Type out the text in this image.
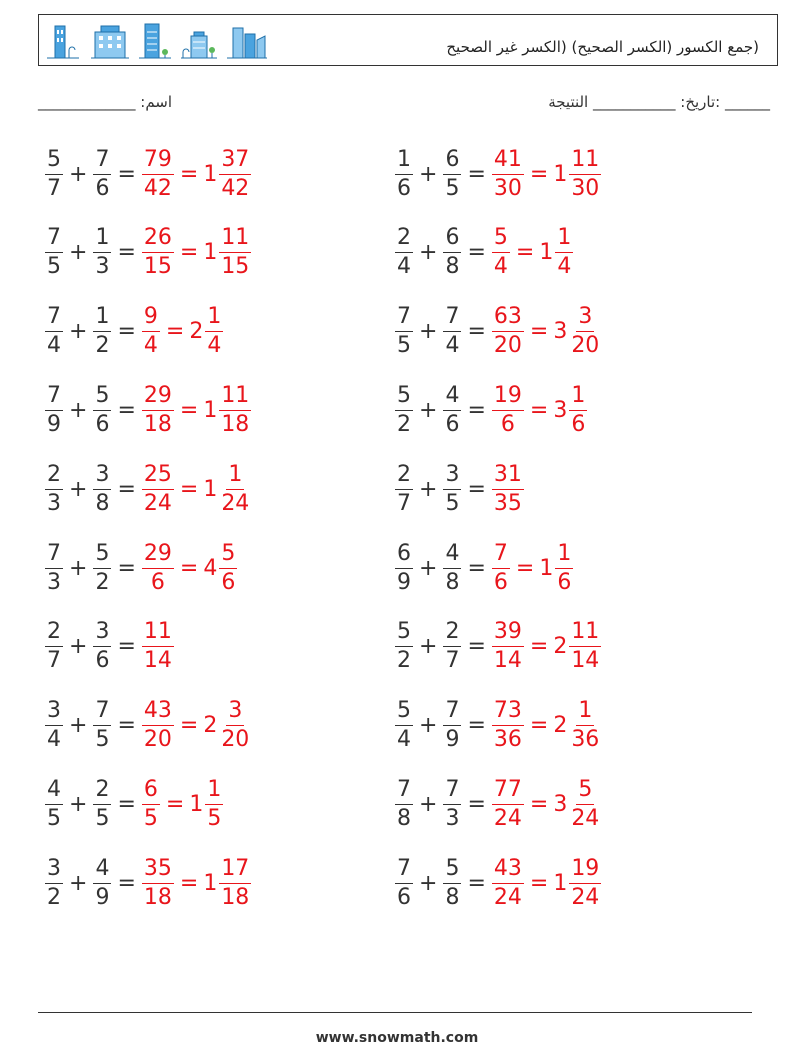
(جمع الكسور (الكسر الصحيح) (الكسر غير الصحيح
______ :تاريخ: ___________ النتيجة
اسم: _____________
$\frac{5}{7} + \frac{7}{6} = \frac{79}{42} = 1 \frac{37}{42}$
$\frac{7}{5} + \frac{1}{3} = \frac{26}{15} = 1 \frac{11}{15}$
$\frac{7}{4} + \frac{1}{2} = \frac{9}{4} = 2 \frac{1}{4}$
$\frac{7}{9} + \frac{5}{6} = \frac{29}{18} = 1 \frac{11}{18}$
$\frac{2}{3} + \frac{3}{8} = \frac{25}{24} = 1 \frac{1}{24}$
$\frac{7}{3} + \frac{5}{2} = \frac{29}{6} = 4 \frac{5}{6}$
$\frac{2}{7} + \frac{3}{6} = \frac{11}{14}$
$\frac{3}{4} + \frac{7}{5} = \frac{43}{20} = 2 \frac{3}{20}$
$\frac{4}{5} + \frac{2}{5} = \frac{6}{5} = 1 \frac{1}{5}$
$\frac{3}{2} + \frac{4}{9} = \frac{35}{18} = 1 \frac{17}{18}$
$\frac{1}{6} + \frac{6}{5} = \frac{41}{30} = 1 \frac{11}{30}$
$\frac{2}{4} + \frac{6}{8} = \frac{5}{4} = 1 \frac{1}{4}$
$\frac{7}{5} + \frac{7}{4} = \frac{63}{20} = 3 \frac{3}{20}$
$\frac{5}{2} + \frac{4}{6} = \frac{19}{6} = 3 \frac{1}{6}$
$\frac{2}{7} + \frac{3}{5} = \frac{31}{35}$
$\frac{6}{9} + \frac{4}{8} = \frac{7}{6} = 1 \frac{1}{6}$
$\frac{5}{2} + \frac{2}{7} = \frac{39}{14} = 2 \frac{11}{14}$
$\frac{5}{4} + \frac{7}{9} = \frac{73}{36} = 2 \frac{1}{36}$
$\frac{7}{8} + \frac{7}{3} = \frac{77}{24} = 3 \frac{5}{24}$
$\frac{7}{6} + \frac{5}{8} = \frac{43}{24} = 1 \frac{19}{24}$
www.snowmath.com
